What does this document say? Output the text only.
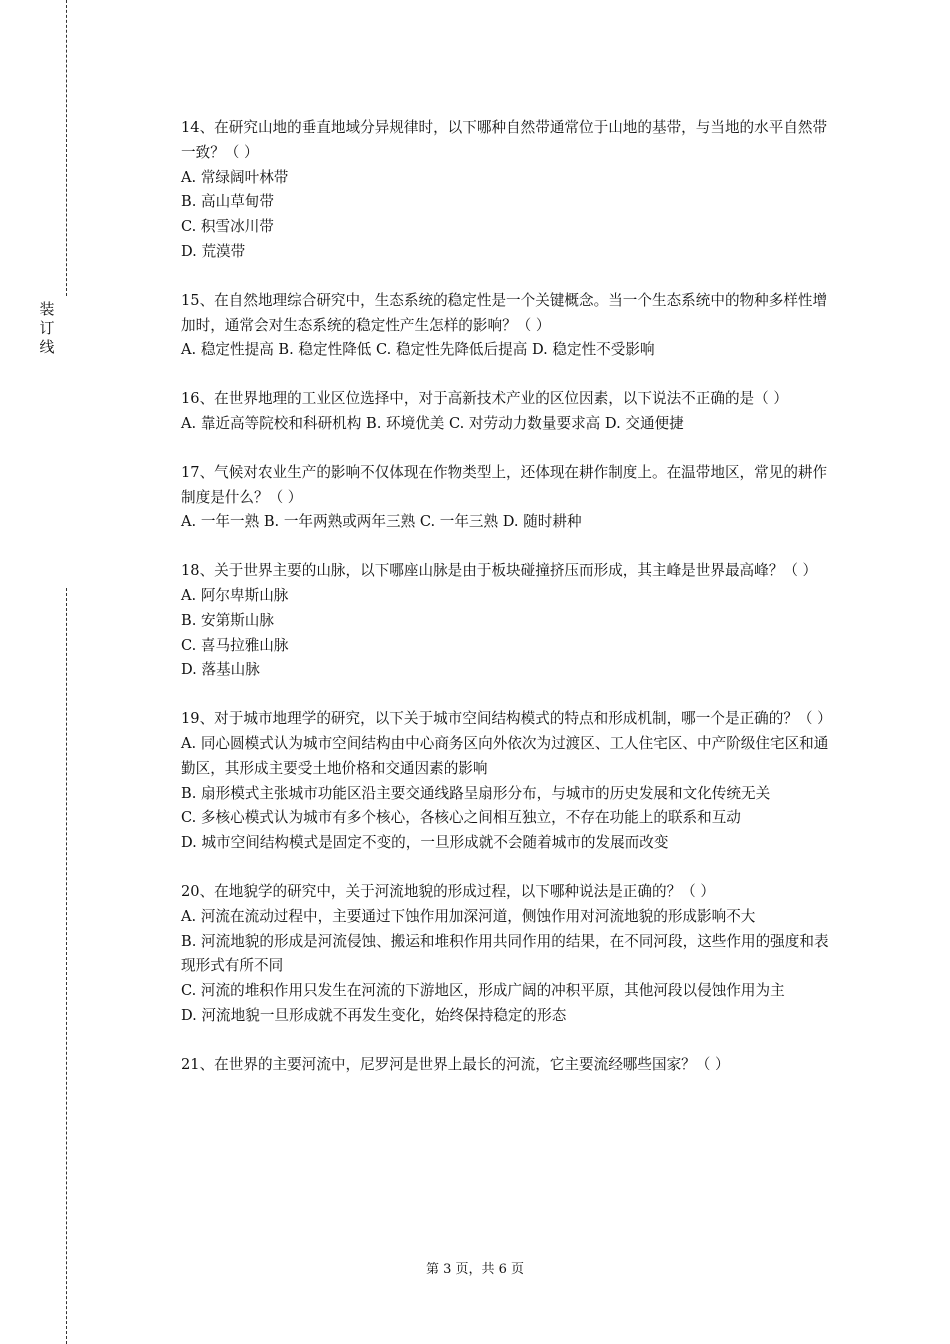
装
订
线

14、在研究山地的垂直地域分异规律时，以下哪种自然带通常位于山地的基带，与当地的水平自然带一致？（ ）

A. 常绿阔叶林带

B. 高山草甸带

C. 积雪冰川带

D. 荒漠带

15、在自然地理综合研究中，生态系统的稳定性是一个关键概念。当一个生态系统中的物种多样性增加时，通常会对生态系统的稳定性产生怎样的影响？（ ）

A. 稳定性提高 B. 稳定性降低 C. 稳定性先降低后提高 D. 稳定性不受影响

16、在世界地理的工业区位选择中，对于高新技术产业的区位因素，以下说法不正确的是（ ）

A. 靠近高等院校和科研机构 B. 环境优美 C. 对劳动力数量要求高 D. 交通便捷

17、气候对农业生产的影响不仅体现在作物类型上，还体现在耕作制度上。在温带地区，常见的耕作制度是什么？（ ）

A. 一年一熟 B. 一年两熟或两年三熟 C. 一年三熟 D. 随时耕种

18、关于世界主要的山脉，以下哪座山脉是由于板块碰撞挤压而形成，其主峰是世界最高峰？（ ）

A. 阿尔卑斯山脉

B. 安第斯山脉

C. 喜马拉雅山脉

D. 落基山脉

19、对于城市地理学的研究，以下关于城市空间结构模式的特点和形成机制，哪一个是正确的？（ ）

A. 同心圆模式认为城市空间结构由中心商务区向外依次为过渡区、工人住宅区、中产阶级住宅区和通勤区，其形成主要受土地价格和交通因素的影响

B. 扇形模式主张城市功能区沿主要交通线路呈扇形分布，与城市的历史发展和文化传统无关

C. 多核心模式认为城市有多个核心，各核心之间相互独立，不存在功能上的联系和互动

D. 城市空间结构模式是固定不变的，一旦形成就不会随着城市的发展而改变

20、在地貌学的研究中，关于河流地貌的形成过程，以下哪种说法是正确的？（ ）

A. 河流在流动过程中，主要通过下蚀作用加深河道，侧蚀作用对河流地貌的形成影响不大

B. 河流地貌的形成是河流侵蚀、搬运和堆积作用共同作用的结果，在不同河段，这些作用的强度和表现形式有所不同

C. 河流的堆积作用只发生在河流的下游地区，形成广阔的冲积平原，其他河段以侵蚀作用为主

D. 河流地貌一旦形成就不再发生变化，始终保持稳定的形态

21、在世界的主要河流中，尼罗河是世界上最长的河流，它主要流经哪些国家？（ ）

第 3 页，共 6 页
